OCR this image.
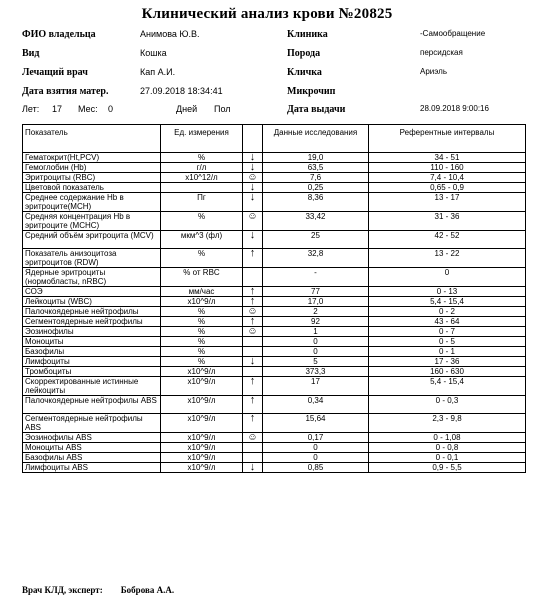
Клинический анализ крови №20825
ФИО владельца	Анимова Ю.В.	Клиника	-Самообращение
Вид	Кошка	Порода	персидская
Лечащий врач	Кап А.И.	Кличка	Ариэль
Дата взятия матер.	27.09.2018 18:34:41	Микрочип
Лет: 17 Мес: 0	Дней Пол	Дата выдачи	28.09.2018 9:00:16
Показатель	Ед. измерения		Данные исследования	Референтные интервалы
Гематокрит(Ht,PCV)	%	↓	19,0	34 - 51
Гемоглобин (Hb)	г/л	↓	63,5	110 - 160
Эритроциты (RBC)	x10^12/л	☺	7,6	7,4 - 10,4
Цветовой показатель		↓	0,25	0,65 - 0,9
Среднее содержание Hb в эритроците(MCH)	Пг	↓	8,36	13 - 17
Средняя концентрация Hb в эритроците (MCHC)	%	☺	33,42	31 - 36
Средний объём эритроцита (MCV)	мкм^3 (фл)	↓	25	42 - 52
Показатель анизоцитоза эритроцитов (RDW)	%	↑	32,8	13 - 22
Ядерные эритроциты (нормобласты, nRBC)	% от RBC		-	0
СОЭ	мм/час	↑	77	0 - 13
Лейкоциты (WBC)	x10^9/л	↑	17,0	5,4 - 15,4
Палочкоядерные нейтрофилы	%	☺	2	0 - 2
Сегментоядерные нейтрофилы	%	↑	92	43 - 64
Эозинофилы	%	☺	1	0 - 7
Моноциты	%		0	0 - 5
Базофилы	%		0	0 - 1
Лимфоциты	%	↓	5	17 - 36
Тромбоциты	x10^9/л		373,3	160 - 630
Скорректированные истинные лейкоциты	x10^9/л	↑	17	5,4 - 15,4
Палочкоядерные нейтрофилы ABS	x10^9/л	↑	0,34	0 - 0,3
Сегментоядерные нейтрофилы ABS	x10^9/л	↑	15,64	2,3 - 9,8
Эозинофилы ABS	x10^9/л	☺	0,17	0 - 1,08
Моноциты ABS	x10^9/л		0	0 - 0,8
Базофилы ABS	x10^9/л		0	0 - 0,1
Лимфоциты ABS	x10^9/л	↓	0,85	0,9 - 5,5
Врач КЛД, эксперт: Боброва А.А.
